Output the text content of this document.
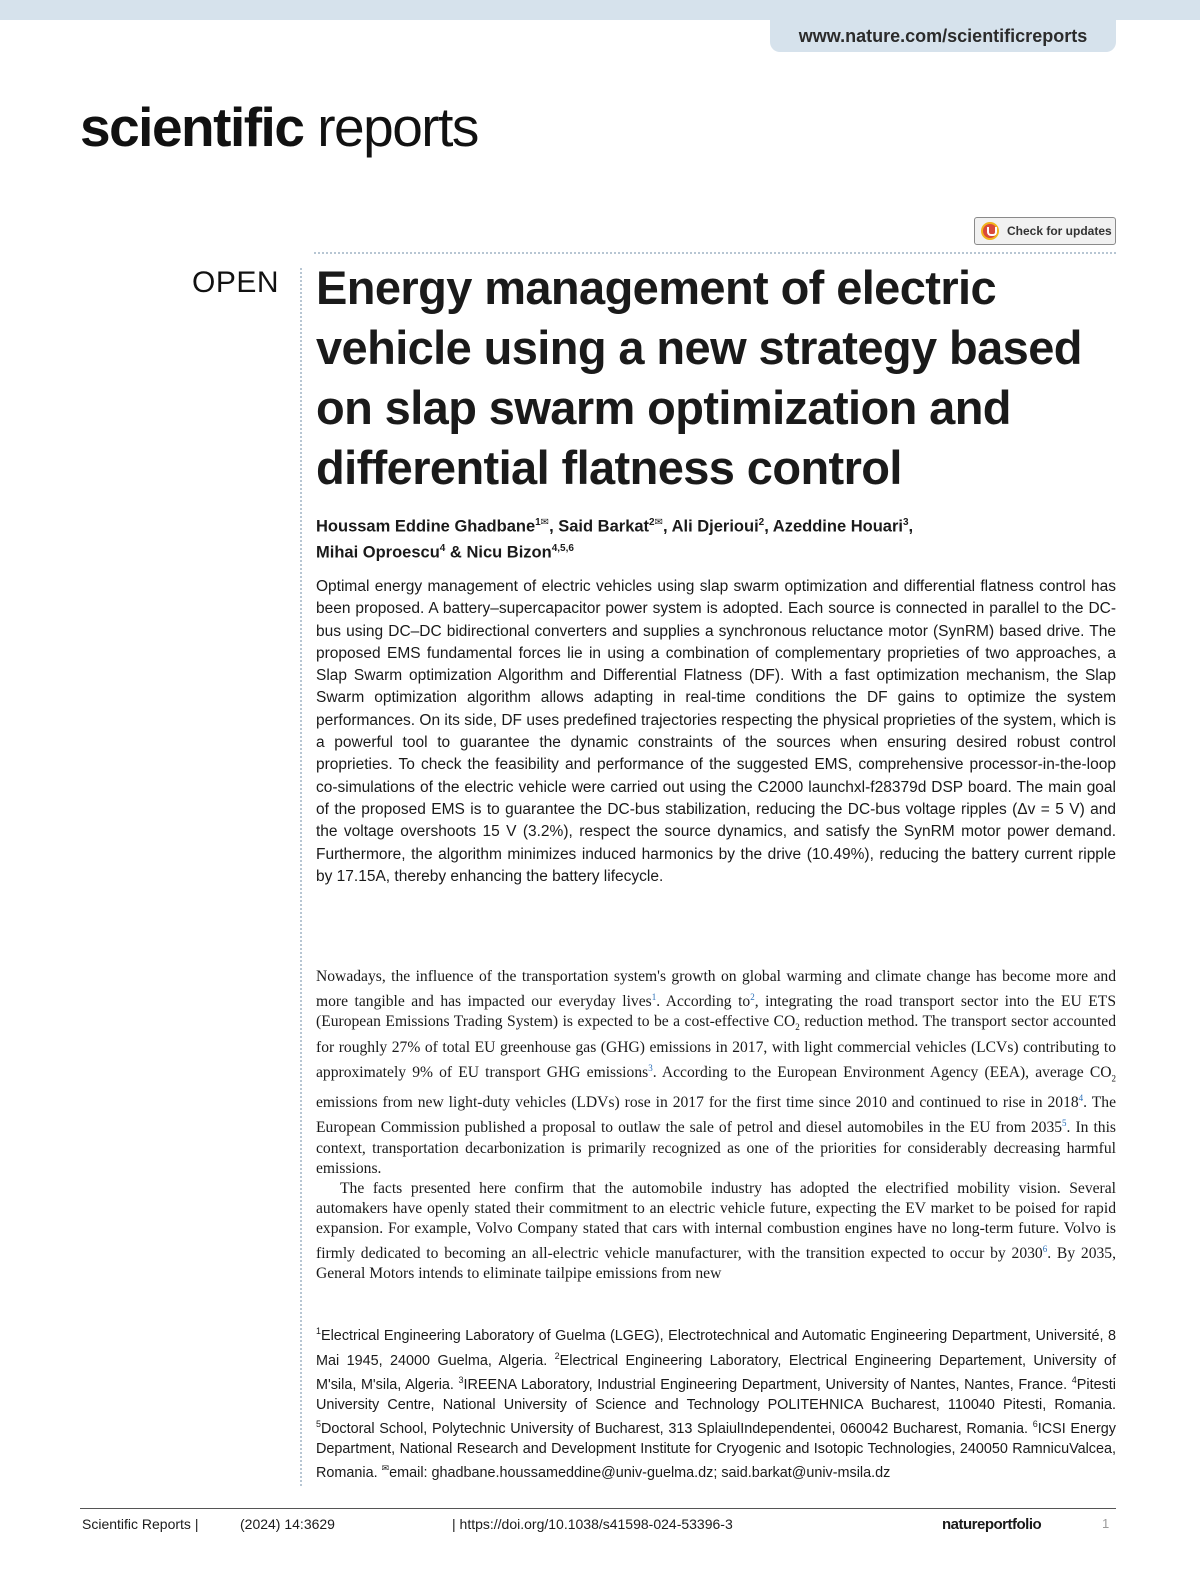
www.nature.com/scientificreports
scientific reports
Check for updates
OPEN Energy management of electric vehicle using a new strategy based on slap swarm optimization and differential flatness control
Houssam Eddine Ghadbane$^{1✉}$, Said Barkat$^{2✉}$, Ali Djerioui$^2$, Azeddine Houari$^3$,
Mihai Oproescu$^4$ & Nicu Bizon$^{4,5,6}$

Optimal energy management of electric vehicles using slap swarm optimization and differential flatness control has been proposed. A battery–supercapacitor power system is adopted. Each source is connected in parallel to the DC-bus using DC–DC bidirectional converters and supplies a synchronous reluctance motor (SynRM) based drive. The proposed EMS fundamental forces lie in using a combination of complementary proprieties of two approaches, a Slap Swarm optimization Algorithm and Differential Flatness (DF). With a fast optimization mechanism, the Slap Swarm optimization algorithm allows adapting in real-time conditions the DF gains to optimize the system performances. On its side, DF uses predefined trajectories respecting the physical proprieties of the system, which is a powerful tool to guarantee the dynamic constraints of the sources when ensuring desired robust control proprieties. To check the feasibility and performance of the suggested EMS, comprehensive processor-in-the-loop co-simulations of the electric vehicle were carried out using the C2000 launchxl-f28379d DSP board. The main goal of the proposed EMS is to guarantee the DC-bus stabilization, reducing the DC-bus voltage ripples (Δv = 5 V) and the voltage overshoots 15 V (3.2%), respect the source dynamics, and satisfy the SynRM motor power demand. Furthermore, the algorithm minimizes induced harmonics by the drive (10.49%), reducing the battery current ripple by 17.15A, thereby enhancing the battery lifecycle.

Nowadays, the influence of the transportation system's growth on global warming and climate change has become more and more tangible and has impacted our everyday lives$^1$. According $to^2$, integrating the road transport sector into the EU ETS (European Emissions Trading System) is expected to be a cost-effective $CO_2$ reduction method. The transport sector accounted for roughly 27% of total EU greenhouse gas (GHG) emissions in 2017, with light commercial vehicles (LCVs) contributing to approximately 9% of EU transport GHG emissions$^3$. According to the European Environment Agency (EEA), average $CO_2$ emissions from new light-duty vehicles (LDVs) rose in 2017 for the first time since 2010 and continued to rise in 2018$^4$. The European Commission published a proposal to outlaw the sale of petrol and diesel automobiles in the EU from 2035$^5$. In this context, transportation decarbonization is primarily recognized as one of the priorities for considerably decreasing harmful emissions.

The facts presented here confirm that the automobile industry has adopted the electrified mobility vision. Several automakers have openly stated their commitment to an electric vehicle future, expecting the EV market to be poised for rapid expansion. For example, Volvo Company stated that cars with internal combustion engines have no long-term future. Volvo is firmly dedicated to becoming an all-electric vehicle manufacturer, with the transition expected to occur by 2030$^6$. By 2035, General Motors intends to eliminate tailpipe emissions from new

$^1$Electrical Engineering Laboratory of Guelma (LGEG), Electrotechnical and Automatic Engineering Department, Université, 8 Mai 1945, 24000 Guelma, Algeria. $^2$Electrical Engineering Laboratory, Electrical Engineering Departement, University of M'sila, M'sila, Algeria. $^3$IREENA Laboratory, Industrial Engineering Department, University of Nantes, Nantes, France. $^4$Pitesti University Centre, National University of Science and Technology POLITEHNICA Bucharest, 110040 Pitesti, Romania. $^5$Doctoral School, Polytechnic University of Bucharest, 313 SplaiulIndependentei, 060042 Bucharest, Romania. $^6$ICSI Energy Department, National Research and Development Institute for Cryogenic and Isotopic Technologies, 240050 RamnicuValcea, Romania. ✉email: ghadbane.houssameddine@univ-guelma.dz; said.barkat@univ-msila.dz

Scientific Reports |	(2024) 14:3629	| https://doi.org/10.1038/s41598-024-53396-3	natureportfolio	1
